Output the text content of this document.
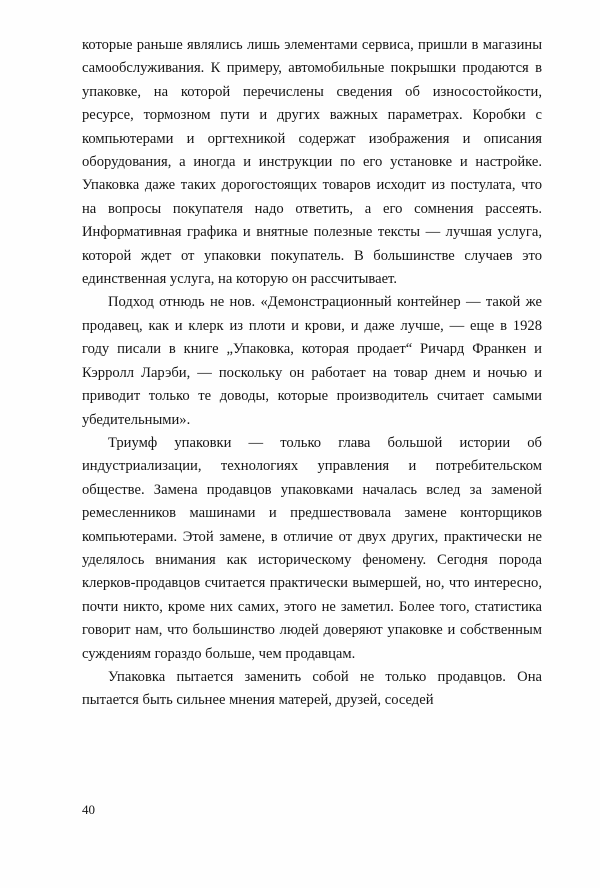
которые раньше являлись лишь элементами сервиса, пришли в магазины самообслуживания. К примеру, автомобильные покрышки продаются в упаковке, на которой перечислены сведения об износостойкости, ресурсе, тормозном пути и других важных параметрах. Коробки с компьютерами и оргтехникой содержат изображения и описания оборудования, а иногда и инструкции по его установке и настройке. Упаковка даже таких дорогостоящих товаров исходит из постулата, что на вопросы покупателя надо ответить, а его сомнения рассеять. Информативная графика и внятные полезные тексты — лучшая услуга, которой ждет от упаковки покупатель. В большинстве случаев это единственная услуга, на которую он рассчитывает.

Подход отнюдь не нов. «Демонстрационный контейнер — такой же продавец, как и клерк из плоти и крови, и даже лучше, — еще в 1928 году писали в книге „Упаковка, которая продает“ Ричард Франкен и Кэрролл Ларэби, — поскольку он работает на товар днем и ночью и приводит только те доводы, которые производитель считает самыми убедительными».

Триумф упаковки — только глава большой истории об индустриализации, технологиях управления и потребительском обществе. Замена продавцов упаковками началась вслед за заменой ремесленников машинами и предшествовала замене конторщиков компьютерами. Этой замене, в отличие от двух других, практически не уделялось внимания как историческому феномену. Сегодня порода клерков-продавцов считается практически вымершей, но, что интересно, почти никто, кроме них самих, этого не заметил. Более того, статистика говорит нам, что большинство людей доверяют упаковке и собственным суждениям гораздо больше, чем продавцам.

Упаковка пытается заменить собой не только продавцов. Она пытается быть сильнее мнения матерей, друзей, соседей

40
